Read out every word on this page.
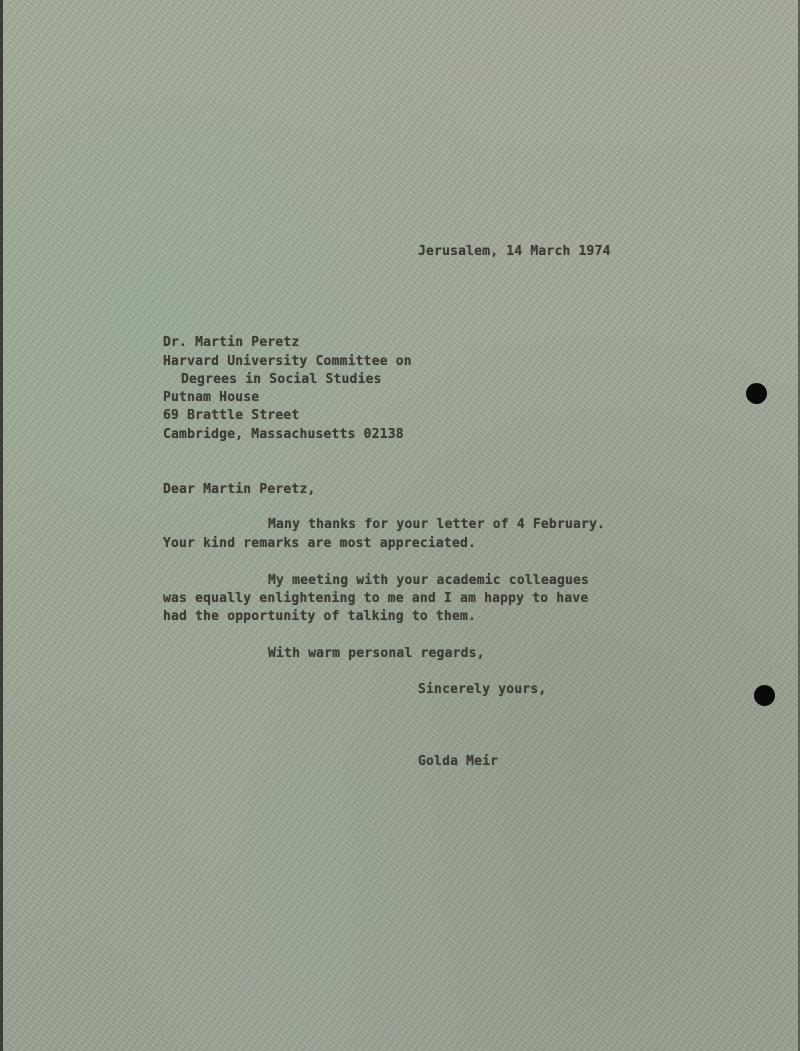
Jerusalem, 14 March 1974
Dr. Martin Peretz
Harvard University Committee on
Degrees in Social Studies
Putnam House
69 Brattle Street
Cambridge, Massachusetts 02138
Dear Martin Peretz,
Many thanks for your letter of 4 February.
Your kind remarks are most appreciated.
My meeting with your academic colleagues
was equally enlightening to me and I am happy to have
had the opportunity of talking to them.
With warm personal regards,
Sincerely yours,
Golda Meir
